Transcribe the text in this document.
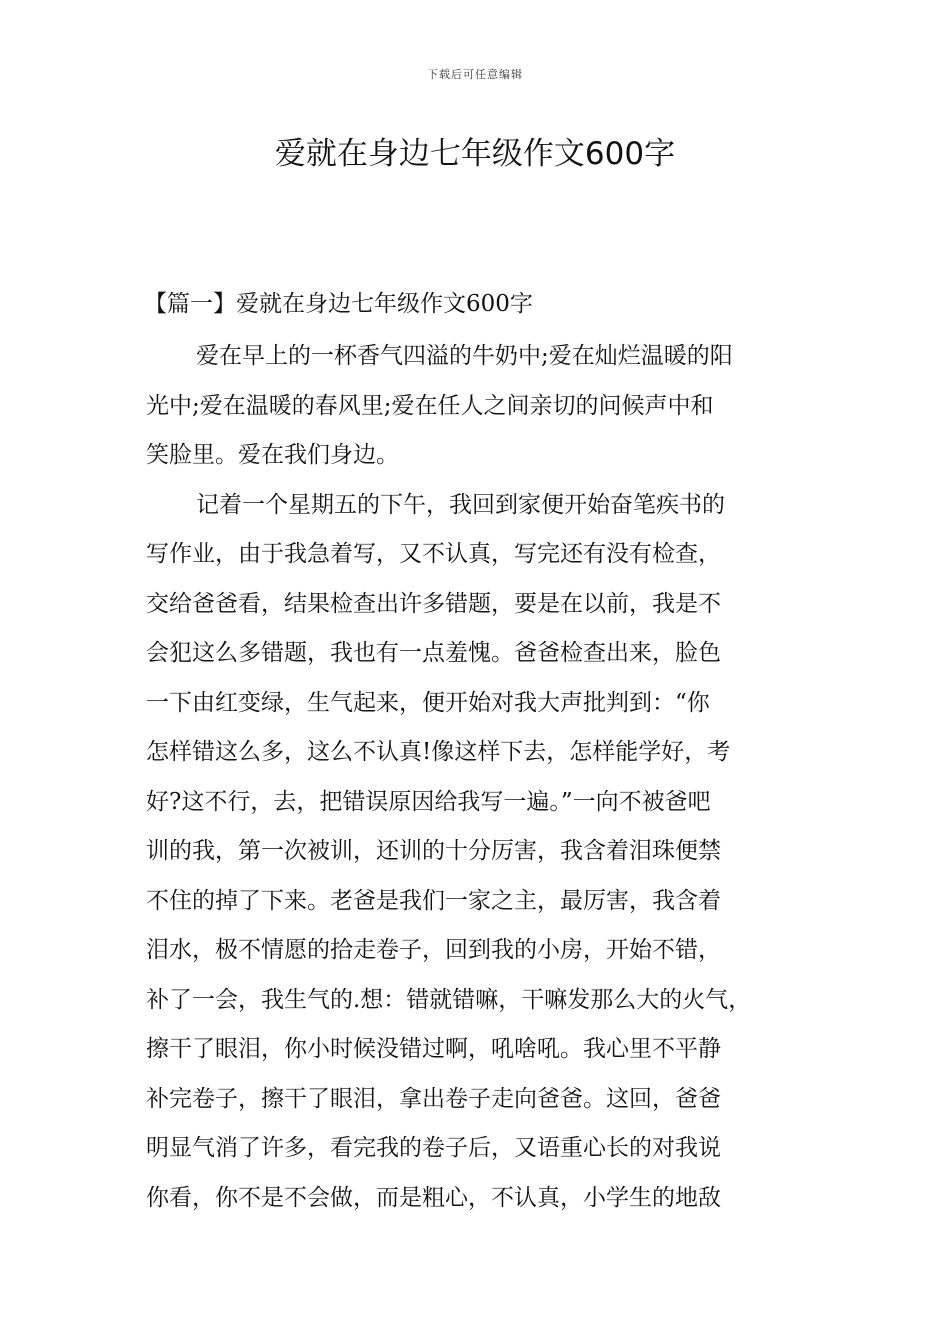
下载后可任意编辑
爱就在身边七年级作文600字

【篇一】爱就在身边七年级作文600字

爱在早上的一杯香气四溢的牛奶中;爱在灿烂温暖的阳

光中;爱在温暖的春风里;爱在任人之间亲切的问候声中和

笑脸里。爱在我们身边。

记着一个星期五的下午，我回到家便开始奋笔疾书的

写作业，由于我急着写，又不认真，写完还有没有检查，

交给爸爸看，结果检查出许多错题，要是在以前，我是不

会犯这么多错题，我也有一点羞愧。爸爸检查出来，脸色

一下由红变绿，生气起来，便开始对我大声批判到：“你

怎样错这么多，这么不认真!像这样下去，怎样能学好，考

好?这不行，去，把错误原因给我写一遍。”一向不被爸吧

训的我，第一次被训，还训的十分厉害，我含着泪珠便禁

不住的掉了下来。老爸是我们一家之主，最厉害，我含着

泪水，极不情愿的拾走卷子，回到我的小房，开始不错，

补了一会，我生气的.想：错就错嘛，干嘛发那么大的火气，

擦干了眼泪，你小时候没错过啊，吼啥吼。我心里不平静

补完卷子，擦干了眼泪，拿出卷子走向爸爸。这回，爸爸

明显气消了许多，看完我的卷子后，又语重心长的对我说

你看，你不是不会做，而是粗心，不认真，小学生的地敌
